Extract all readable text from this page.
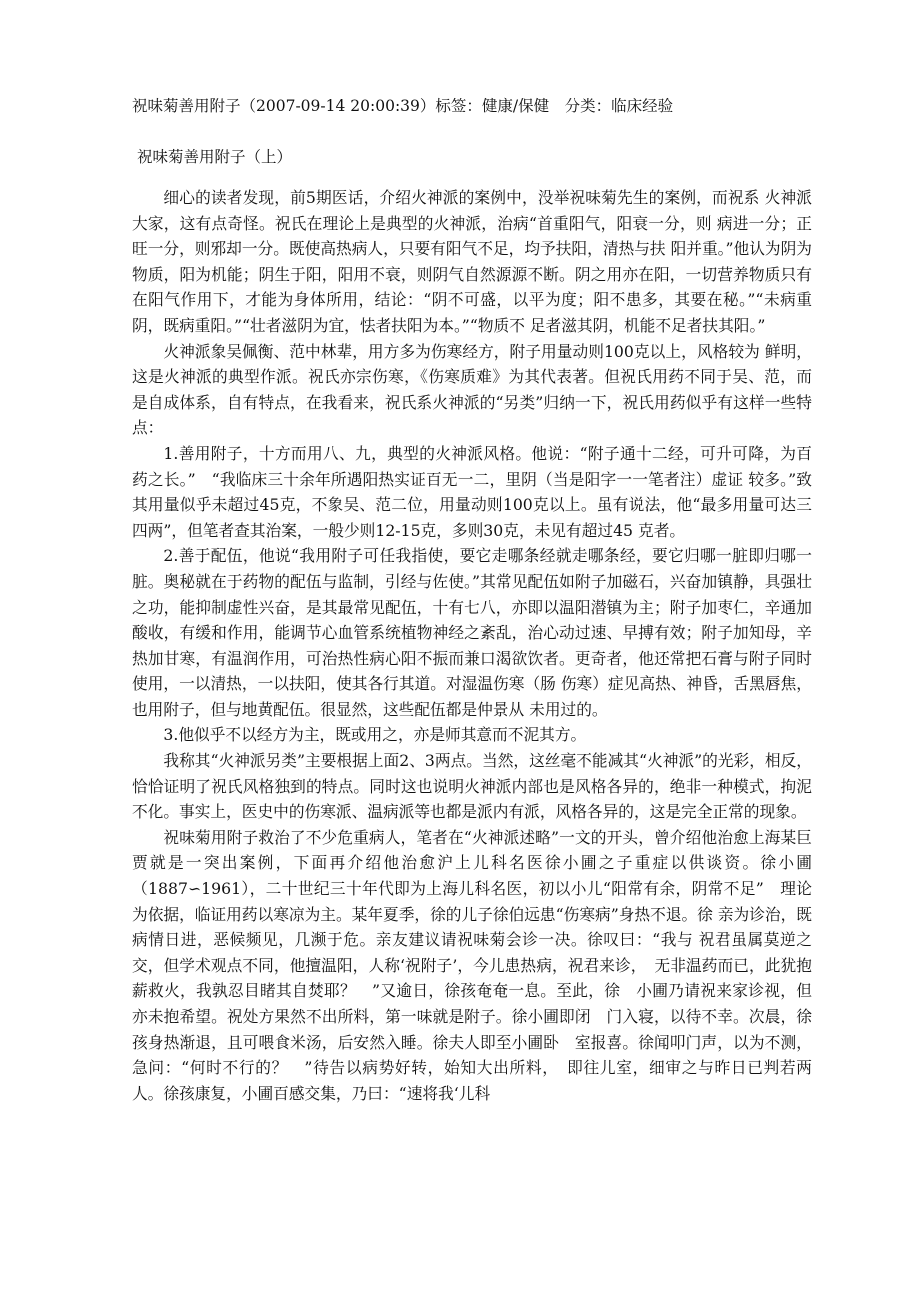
祝味菊善用附子（2007-09-14 20:00:39）标签：健康/保健　分类：临床经验
祝味菊善用附子（上）

细心的读者发现，前5期医话，介绍火神派的案例中，没举祝味菊先生的案例，而祝系 火神派大家，这有点奇怪。祝氏在理论上是典型的火神派，治病“首重阳气，阳衰一分，则 病进一分；正旺一分，则邪却一分。既使高热病人，只要有阳气不足，均予扶阳，清热与扶 阳并重。”他认为阴为物质，阳为机能；阴生于阳，阳用不衰，则阴气自然源源不断。阴之用亦在阳，一切营养物质只有在阳气作用下，才能为身体所用，结论：“阴不可盛，以平为度；阳不患多，其要在秘。”“未病重阴，既病重阳。”“壮者滋阴为宜，怯者扶阳为本。”“物质不 足者滋其阴，机能不足者扶其阳。”

火神派象吴佩衡、范中林辈，用方多为伤寒经方，附子用量动则100克以上，风格较为 鲜明，这是火神派的典型作派。祝氏亦宗伤寒，《伤寒质难》为其代表著。但祝氏用药不同于吴、范，而是自成体系，自有特点，在我看来，祝氏系火神派的“另类”归纳一下，祝氏用药似乎有这样一些特点：

1.善用附子，十方而用八、九，典型的火神派风格。他说：“附子通十二经，可升可降，为百药之长。”　“我临床三十余年所遇阳热实证百无一二，里阴（当是阳字一一笔者注）虚证 较多。”致其用量似乎未超过45克，不象吴、范二位，用量动则100克以上。虽有说法，他“最多用量可达三四两”，但笔者查其治案，一般少则12-15克，多则30克，未见有超过45 克者。

2.善于配伍，他说“我用附子可任我指使，要它走哪条经就走哪条经，要它归哪一脏即归哪一脏。奥秘就在于药物的配伍与监制，引经与佐使。”其常见配伍如附子加磁石，兴奋加镇静，具强壮之功，能抑制虚性兴奋，是其最常见配伍，十有七八，亦即以温阳潜镇为主；附子加枣仁，辛通加酸收，有缓和作用，能调节心血管系统植物神经之紊乱，治心动过速、早搏有效；附子加知母，辛热加甘寒，有温润作用，可治热性病心阳不振而兼口渴欲饮者。更奇者，他还常把石膏与附子同时使用，一以清热，一以扶阳，使其各行其道。对湿温伤寒（肠 伤寒）症见高热、神昏，舌黑唇焦，也用附子，但与地黄配伍。很显然，这些配伍都是仲景从 未用过的。

3.他似乎不以经方为主，既或用之，亦是师其意而不泥其方。

我称其“火神派另类”主要根据上面2、3两点。当然，这丝毫不能减其“火神派”的光彩，相反，恰恰证明了祝氏风格独到的特点。同时这也说明火神派内部也是风格各异的，绝非一种模式，拘泥不化。事实上，医史中的伤寒派、温病派等也都是派内有派，风格各异的，这是完全正常的现象。

祝味菊用附子救治了不少危重病人，笔者在“火神派述略”一文的开头，曾介绍他治愈上海某巨贾就是一突出案例，下面再介绍他治愈沪上儿科名医徐小圃之子重症以供谈资。徐小圃（1887∽1961），二十世纪三十年代即为上海儿科名医，初以小儿“阳常有余，阴常不足”　理论为依据，临证用药以寒凉为主。某年夏季，徐的儿子徐伯远患“伤寒病”身热不退。徐 亲为诊治，既病情日进，恶候频见，几濒于危。亲友建议请祝味菊会诊一决。徐叹曰：“我与 祝君虽属莫逆之交，但学术观点不同，他擅温阳，人称‘祝附子’，今儿患热病，祝君来诊，　无非温药而已，此犹抱薪救火，我孰忍目睹其自焚耶？　”又逾日，徐孩奄奄一息。至此，徐　小圃乃请祝来家诊视，但亦未抱希望。祝处方果然不出所料，第一味就是附子。徐小圃即闭　门入寝，以待不幸。次晨，徐孩身热渐退，且可喂食米汤，后安然入睡。徐夫人即至小圃卧　室报喜。徐闻叩门声，以为不测，急问：“何时不行的？　”待告以病势好转，始知大出所料，　即往儿室，细审之与昨日已判若两人。徐孩康复，小圃百感交集，乃曰：“速将我‘儿科
